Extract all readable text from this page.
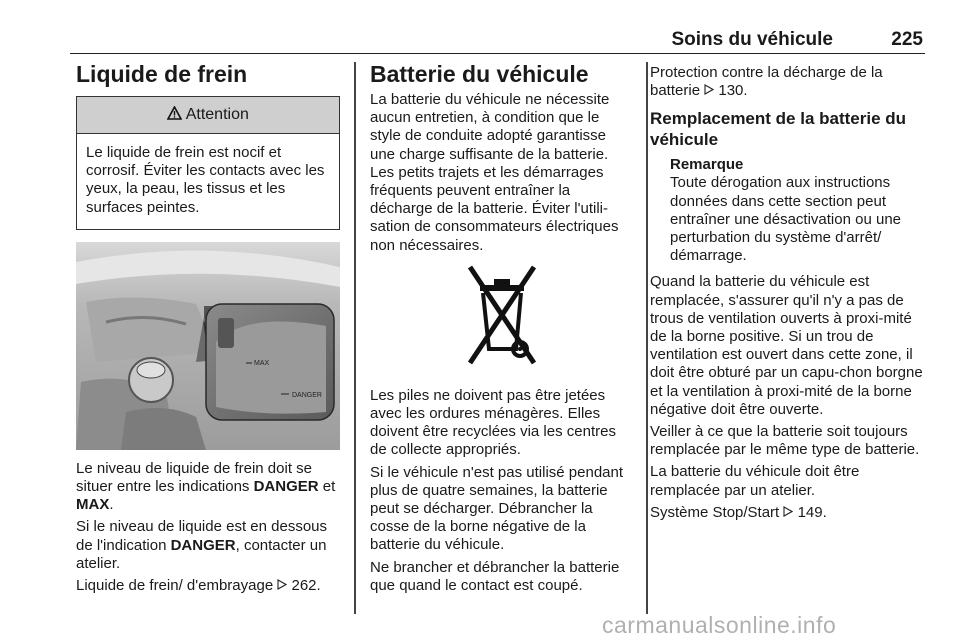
Soins du véhicule	225
Liquide de frein
Attention
Le liquide de frein est nocif et corrosif. Éviter les contacts avec les yeux, la peau, les tissus et les surfaces peintes.
MAX
DANGER

Le niveau de liquide de frein doit se situer entre les indications DANGER et MAX.

Si le niveau de liquide est en dessous de l'indication DANGER, contacter un atelier.

Liquide de frein/ d'embrayage  262.

Batterie du véhicule

La batterie du véhicule ne nécessite aucun entretien, à condition que le style de conduite adopté garantisse une charge suffisante de la batterie. Les petits trajets et les démarrages fréquents peuvent entraîner la décharge de la batterie. Éviter l'utili-sation de consommateurs électriques non nécessaires.

Les piles ne doivent pas être jetées avec les ordures ménagères. Elles doivent être recyclées via les centres de collecte appropriés.

Si le véhicule n'est pas utilisé pendant plus de quatre semaines, la batterie peut se décharger. Débrancher la cosse de la borne négative de la batterie du véhicule.

Ne brancher et débrancher la batterie que quand le contact est coupé.

Protection contre la décharge de la batterie  130.

Remplacement de la batterie du véhicule
Remarque

Toute dérogation aux instructions données dans cette section peut entraîner une désactivation ou une perturbation du système d'arrêt/ démarrage.

Quand la batterie du véhicule est remplacée, s'assurer qu'il n'y a pas de trous de ventilation ouverts à proxi-mité de la borne positive. Si un trou de ventilation est ouvert dans cette zone, il doit être obturé par un capu-chon borgne et la ventilation à proxi-mité de la borne négative doit être ouverte.

Veiller à ce que la batterie soit toujours remplacée par le même type de batterie.

La batterie du véhicule doit être remplacée par un atelier.

Système Stop/Start  149.

carmanualsonline.info
